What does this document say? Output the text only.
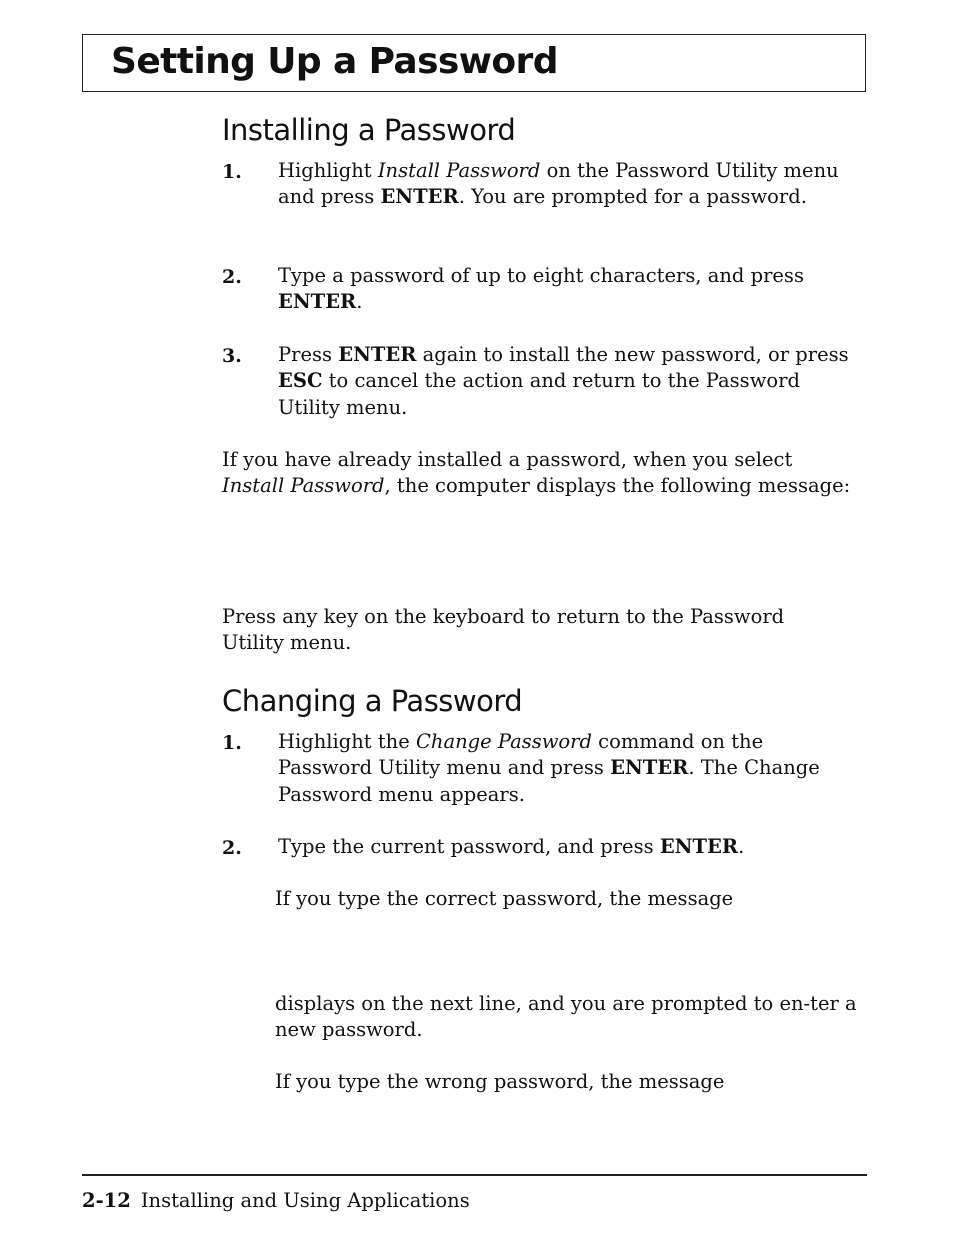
Setting Up a Password
Installing a Password
1. Highlight Install Password on the Password Utility menu and press ENTER. You are prompted for a password.

2. Type a password of up to eight characters, and press ENTER.

3. Press ENTER again to install the new password, or press ESC to cancel the action and return to the Password Utility menu.

If you have already installed a password, when you select Install Password, the computer displays the following message:

Press any key on the keyboard to return to the Password Utility menu.

Changing a Password
1. Highlight the Change Password command on the Password Utility menu and press ENTER. The Change Password menu appears.

2. Type the current password, and press ENTER.

If you type the correct password, the message

displays on the next line, and you are prompted to en-ter a new password.

If you type the wrong password, the message

2-12 Installing and Using Applications
